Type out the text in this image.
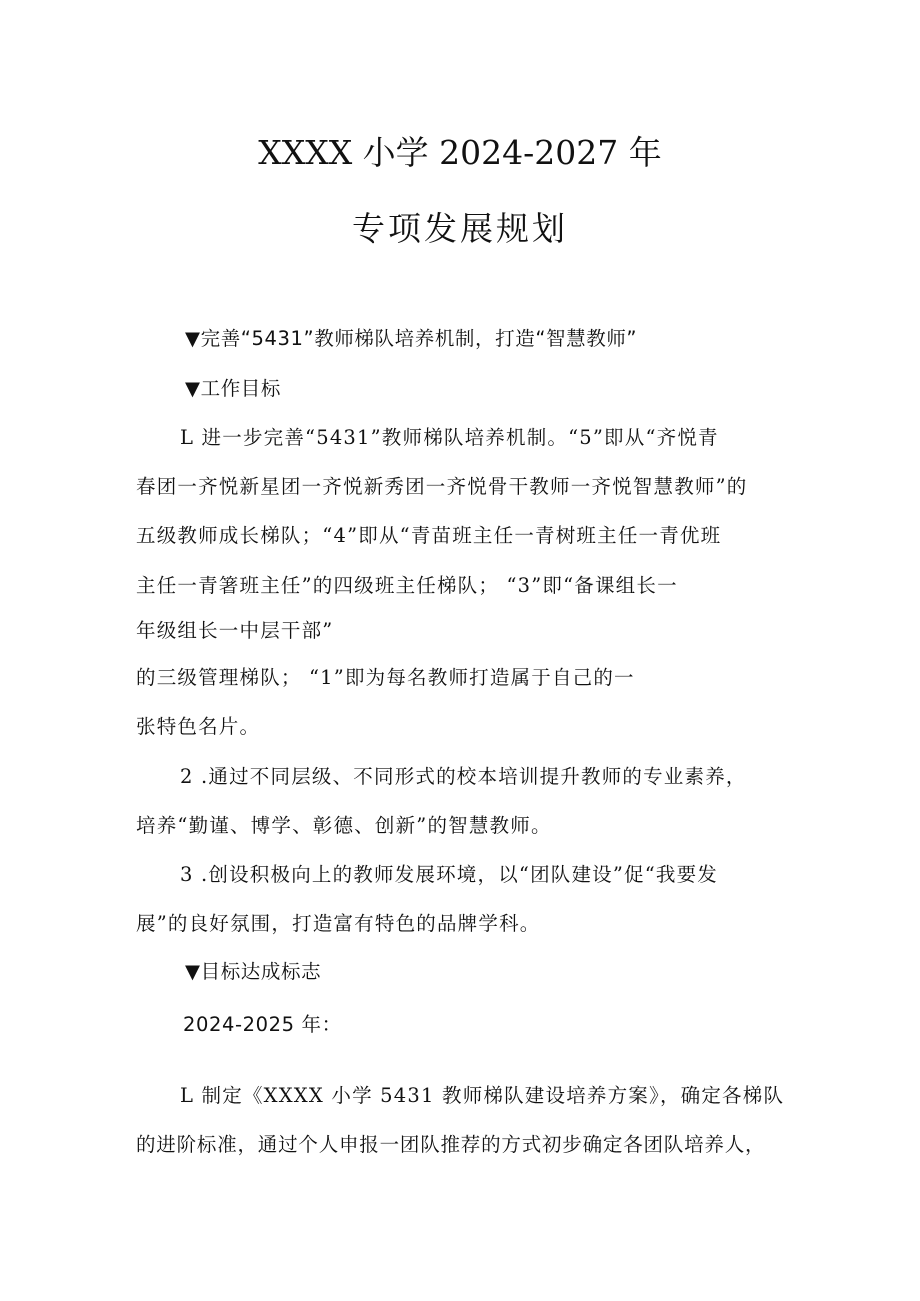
XXXX 小学 2024-2027 年
专项发展规划
▼完善“5431”教师梯队培养机制，打造“智慧教师”
▼工作目标
L 进一步完善“5431”教师梯队培养机制。“5”即从“齐悦青
春团一齐悦新星团一齐悦新秀团一齐悦骨干教师一齐悦智慧教师”的
五级教师成长梯队；“4”即从“青苗班主任一青树班主任一青优班
主任一青箸班主任”的四级班主任梯队； “3”即“备课组长一
年级组长一中层干部”
的三级管理梯队； “1”即为每名教师打造属于自己的一
张特色名片。
2 .通过不同层级、不同形式的校本培训提升教师的专业素养，
培养“勤谨、博学、彰德、创新”的智慧教师。
3 .创设积极向上的教师发展环境，以“团队建设”促“我要发
展”的良好氛围，打造富有特色的品牌学科。
▼目标达成标志
2024-2025 年：
L 制定《XXXX 小学 5431 教师梯队建设培养方案》，确定各梯队
的进阶标准，通过个人申报一团队推荐的方式初步确定各团队培养人，
